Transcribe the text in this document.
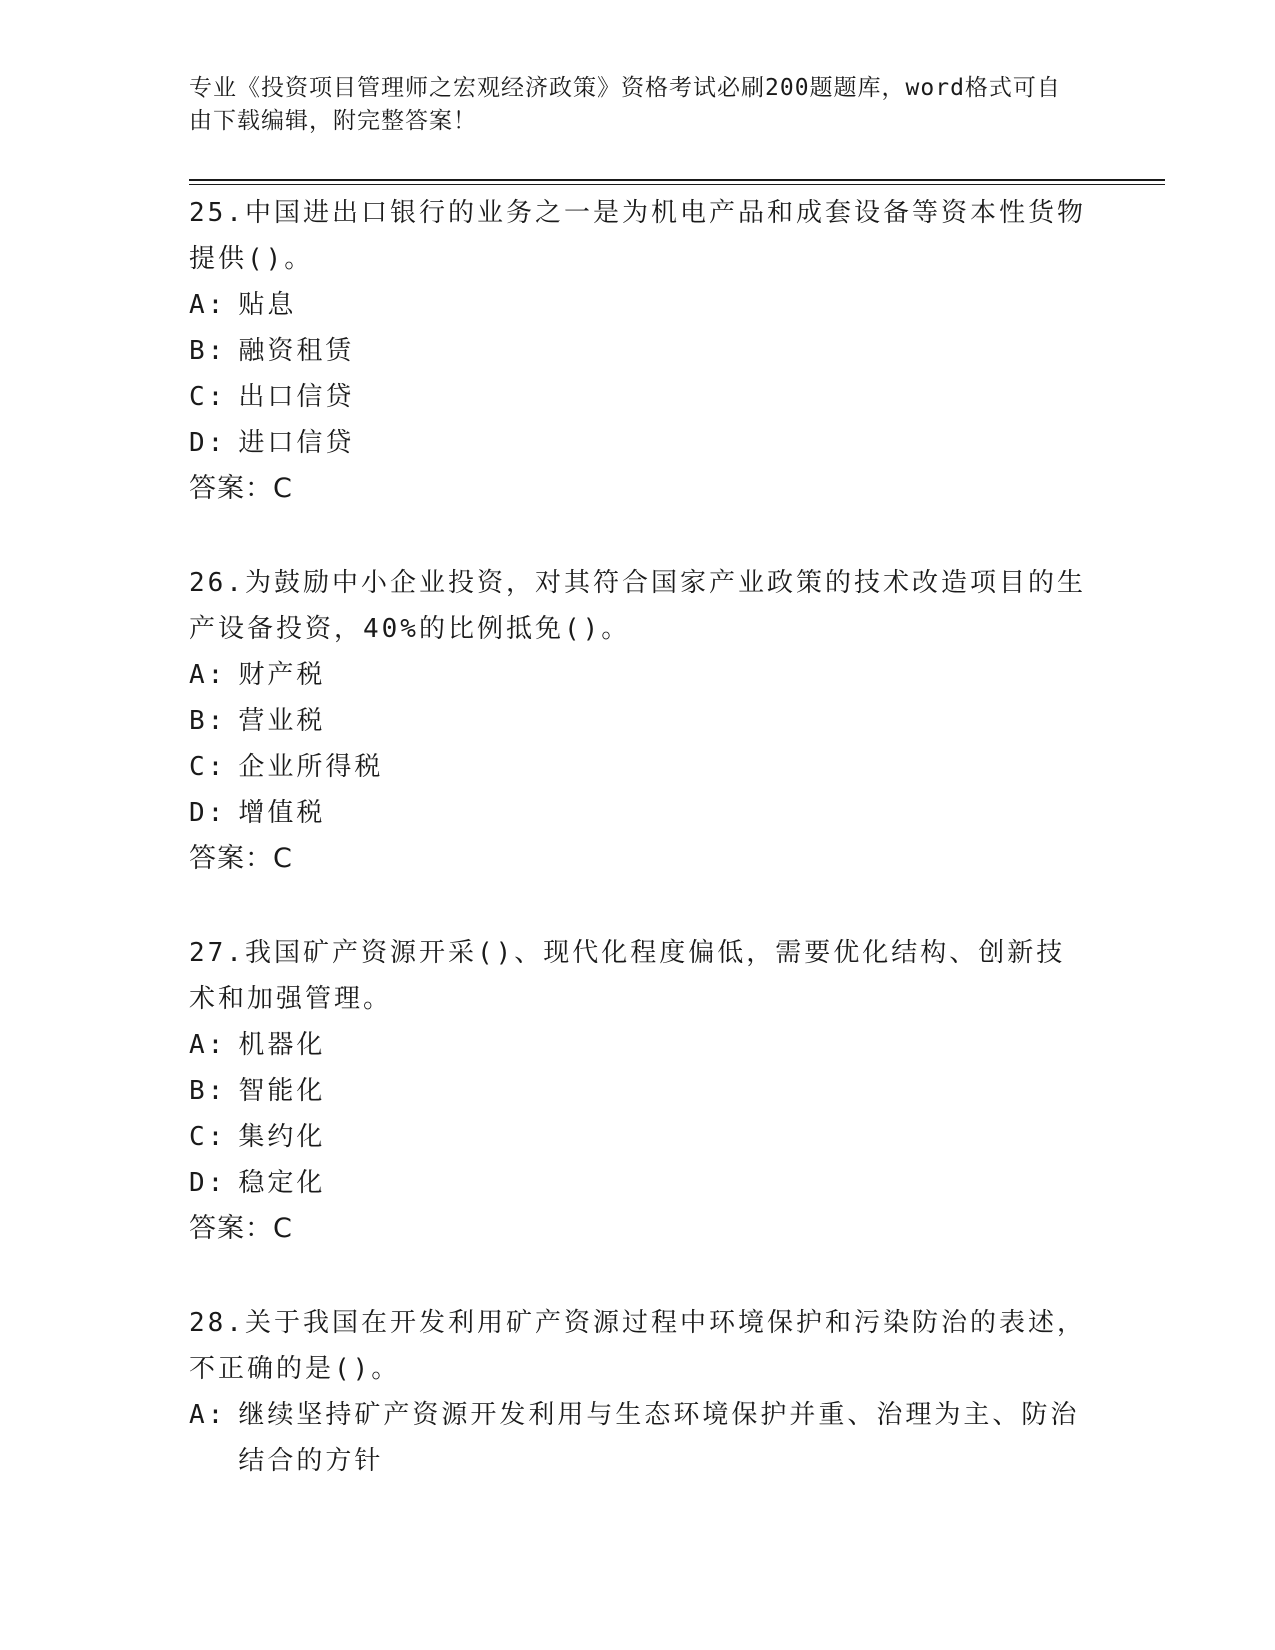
专业《投资项目管理师之宏观经济政策》资格考试必刷200题题库，word格式可自由下载编辑，附完整答案！

25.中国进出口银行的业务之一是为机电产品和成套设备等资本性货物提供()。

A: 贴息
B: 融资租赁
C: 出口信贷
D: 进口信贷

答案：C

26.为鼓励中小企业投资，对其符合国家产业政策的技术改造项目的生产设备投资，40%的比例抵免()。

A: 财产税
B: 营业税
C: 企业所得税
D: 增值税

答案：C

27.我国矿产资源开采()、现代化程度偏低，需要优化结构、创新技术和加强管理。

A: 机器化
B: 智能化
C: 集约化
D: 稳定化

答案：C

28.关于我国在开发利用矿产资源过程中环境保护和污染防治的表述，不正确的是()。

A: 继续坚持矿产资源开发利用与生态环境保护并重、治理为主、防治结合的方针
